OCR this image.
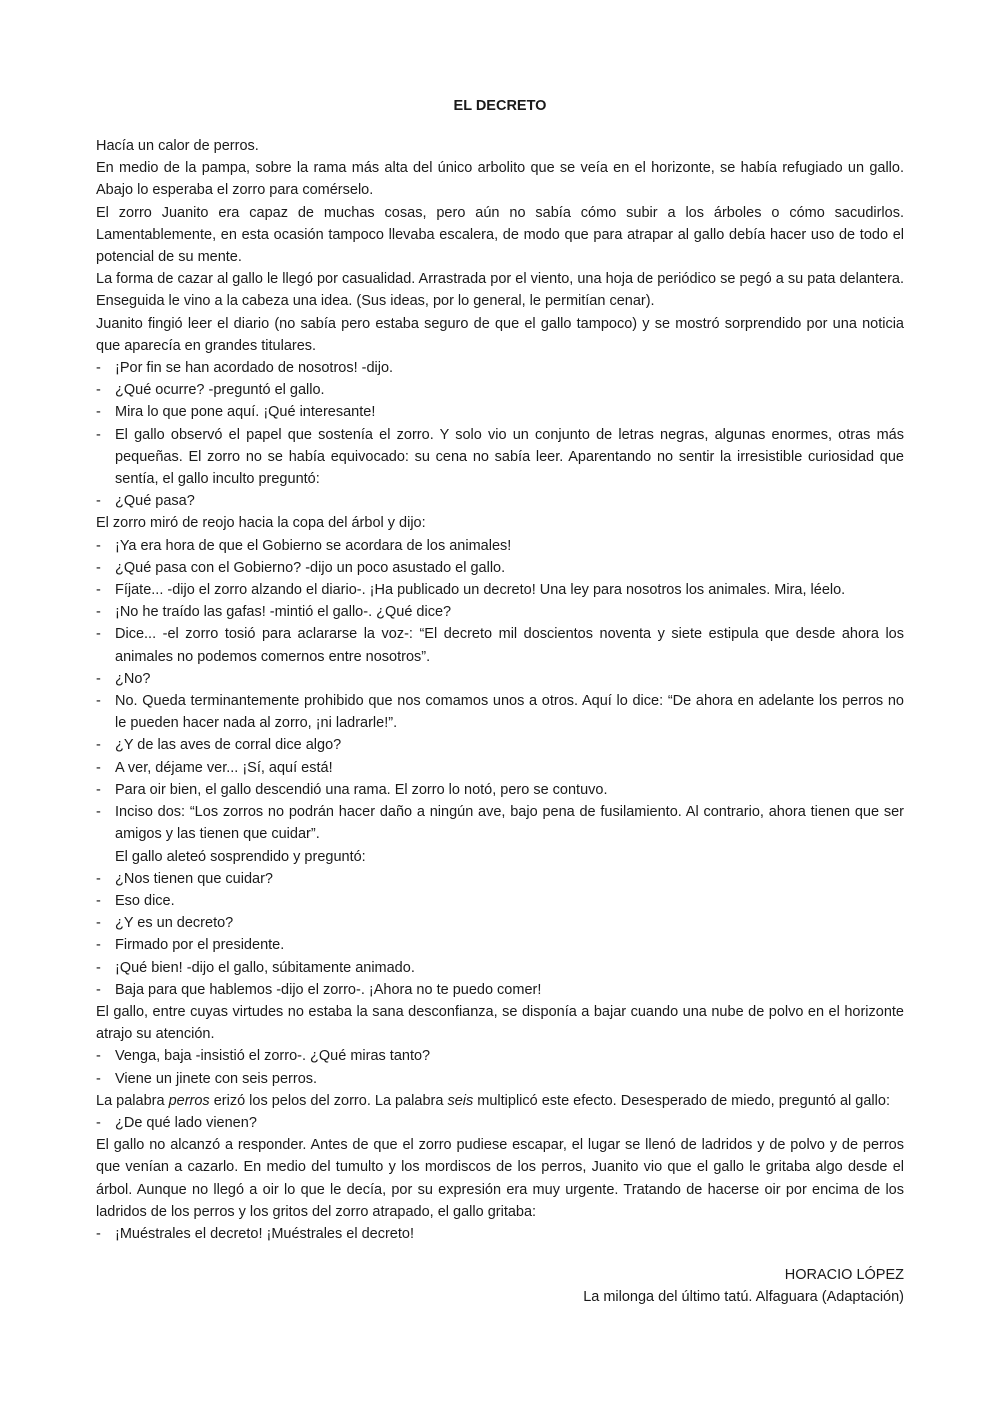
EL DECRETO

Hacía un calor de perros.

En medio de la pampa, sobre la rama más alta del único arbolito que se veía en el horizonte, se había refugiado un gallo. Abajo lo esperaba el zorro para comérselo.

El zorro Juanito era capaz de muchas cosas, pero aún no sabía cómo subir a los árboles o cómo sacudirlos. Lamentablemente, en esta ocasión tampoco llevaba escalera, de modo que para atrapar al gallo debía hacer uso de todo el potencial de su mente.

La forma de cazar al gallo le llegó por casualidad. Arrastrada por el viento, una hoja de periódico se pegó a su pata delantera. Enseguida le vino a la cabeza una idea. (Sus ideas, por lo general, le permitían cenar).

Juanito fingió leer el diario (no sabía pero estaba seguro de que el gallo tampoco) y se mostró sorprendido por una noticia que aparecía en grandes titulares.

- ¡Por fin se han acordado de nosotros! -dijo.

- ¿Qué ocurre? -preguntó el gallo.

- Mira lo que pone aquí. ¡Qué interesante!

- El gallo observó el papel que sostenía el zorro. Y solo vio un conjunto de letras negras, algunas enormes, otras más pequeñas. El zorro no se había equivocado: su cena no sabía leer. Aparentando no sentir la irresistible curiosidad que sentía, el gallo inculto preguntó:

- ¿Qué pasa?

El zorro miró de reojo hacia la copa del árbol y dijo:

- ¡Ya era hora de que el Gobierno se acordara de los animales!

- ¿Qué pasa con el Gobierno? -dijo un poco asustado el gallo.

- Fíjate... -dijo el zorro alzando el diario-. ¡Ha publicado un decreto! Una ley para nosotros los animales. Mira, léelo.

- ¡No he traído las gafas! -mintió el gallo-. ¿Qué dice?

- Dice... -el zorro tosió para aclararse la voz-: “El decreto mil doscientos noventa y siete estipula que desde ahora los animales no podemos comernos entre nosotros”.

- ¿No?

- No. Queda terminantemente prohibido que nos comamos unos a otros. Aquí lo dice: “De ahora en adelante los perros no le pueden hacer nada al zorro, ¡ni ladrarle!”.

- ¿Y de las aves de corral dice algo?

- A ver, déjame ver... ¡Sí, aquí está!

- Para oir bien, el gallo descendió una rama. El zorro lo notó, pero se contuvo.

- Inciso dos: “Los zorros no podrán hacer daño a ningún ave, bajo pena de fusilamiento. Al contrario, ahora tienen que ser amigos y las tienen que cuidar”.

El gallo aleteó sosprendido y preguntó:

- ¿Nos tienen que cuidar?

- Eso dice.

- ¿Y es un decreto?

- Firmado por el presidente.

- ¡Qué bien! -dijo el gallo, súbitamente animado.

- Baja para que hablemos -dijo el zorro-. ¡Ahora no te puedo comer!

El gallo, entre cuyas virtudes no estaba la sana desconfianza, se disponía a bajar cuando una nube de polvo en el horizonte atrajo su atención.

- Venga, baja -insistió el zorro-. ¿Qué miras tanto?

- Viene un jinete con seis perros.

La palabra perros erizó los pelos del zorro. La palabra seis multiplicó este efecto. Desesperado de miedo, preguntó al gallo:

- ¿De qué lado vienen?

El gallo no alcanzó a responder. Antes de que el zorro pudiese escapar, el lugar se llenó de ladridos y de polvo y de perros que venían a cazarlo. En medio del tumulto y los mordiscos de los perros, Juanito vio que el gallo le gritaba algo desde el árbol. Aunque no llegó a oir lo que le decía, por su expresión era muy urgente. Tratando de hacerse oir por encima de los ladridos de los perros y los gritos del zorro atrapado, el gallo gritaba:

- ¡Muéstrales el decreto! ¡Muéstrales el decreto!

HORACIO LÓPEZ

La milonga del último tatú. Alfaguara (Adaptación)
